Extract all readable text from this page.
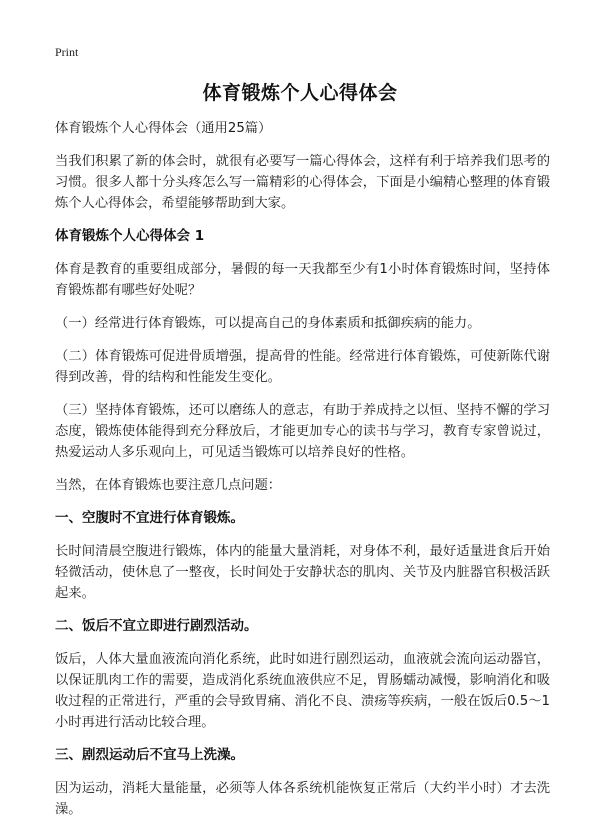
Print
体育锻炼个人心得体会

体育锻炼个人心得体会（通用25篇）

当我们积累了新的体会时，就很有必要写一篇心得体会，这样有利于培养我们思考的习惯。很多人都十分头疼怎么写一篇精彩的心得体会，下面是小编精心整理的体育锻炼个人心得体会，希望能够帮助到大家。

体育锻炼个人心得体会 1

体育是教育的重要组成部分，暑假的每一天我都至少有1小时体育锻炼时间，坚持体育锻炼都有哪些好处呢？

（一）经常进行体育锻炼，可以提高自己的身体素质和抵御疾病的能力。

（二）体育锻炼可促进骨质增强，提高骨的性能。经常进行体育锻炼，可使新陈代谢得到改善，骨的结构和性能发生变化。

（三）坚持体育锻炼，还可以磨练人的意志，有助于养成持之以恒、坚持不懈的学习态度，锻炼使体能得到充分释放后，才能更加专心的读书与学习，教育专家曾说过，热爱运动人多乐观向上，可见适当锻炼可以培养良好的性格。

当然，在体育锻炼也要注意几点问题：

一、空腹时不宜进行体育锻炼。

长时间清晨空腹进行锻炼，体内的能量大量消耗，对身体不利，最好适量进食后开始轻微活动，使休息了一整夜，长时间处于安静状态的肌肉、关节及内脏器官积极活跃起来。

二、饭后不宜立即进行剧烈活动。

饭后，人体大量血液流向消化系统，此时如进行剧烈运动，血液就会流向运动器官，以保证肌肉工作的需要，造成消化系统血液供应不足，胃肠蠕动减慢，影响消化和吸收过程的正常进行，严重的会导致胃痛、消化不良、溃疡等疾病，一般在饭后0.5～1小时再进行活动比较合理。

三、剧烈运动后不宜马上洗澡。

因为运动，消耗大量能量，必须等人体各系统机能恢复正常后（大约半小时）才去洗澡。
